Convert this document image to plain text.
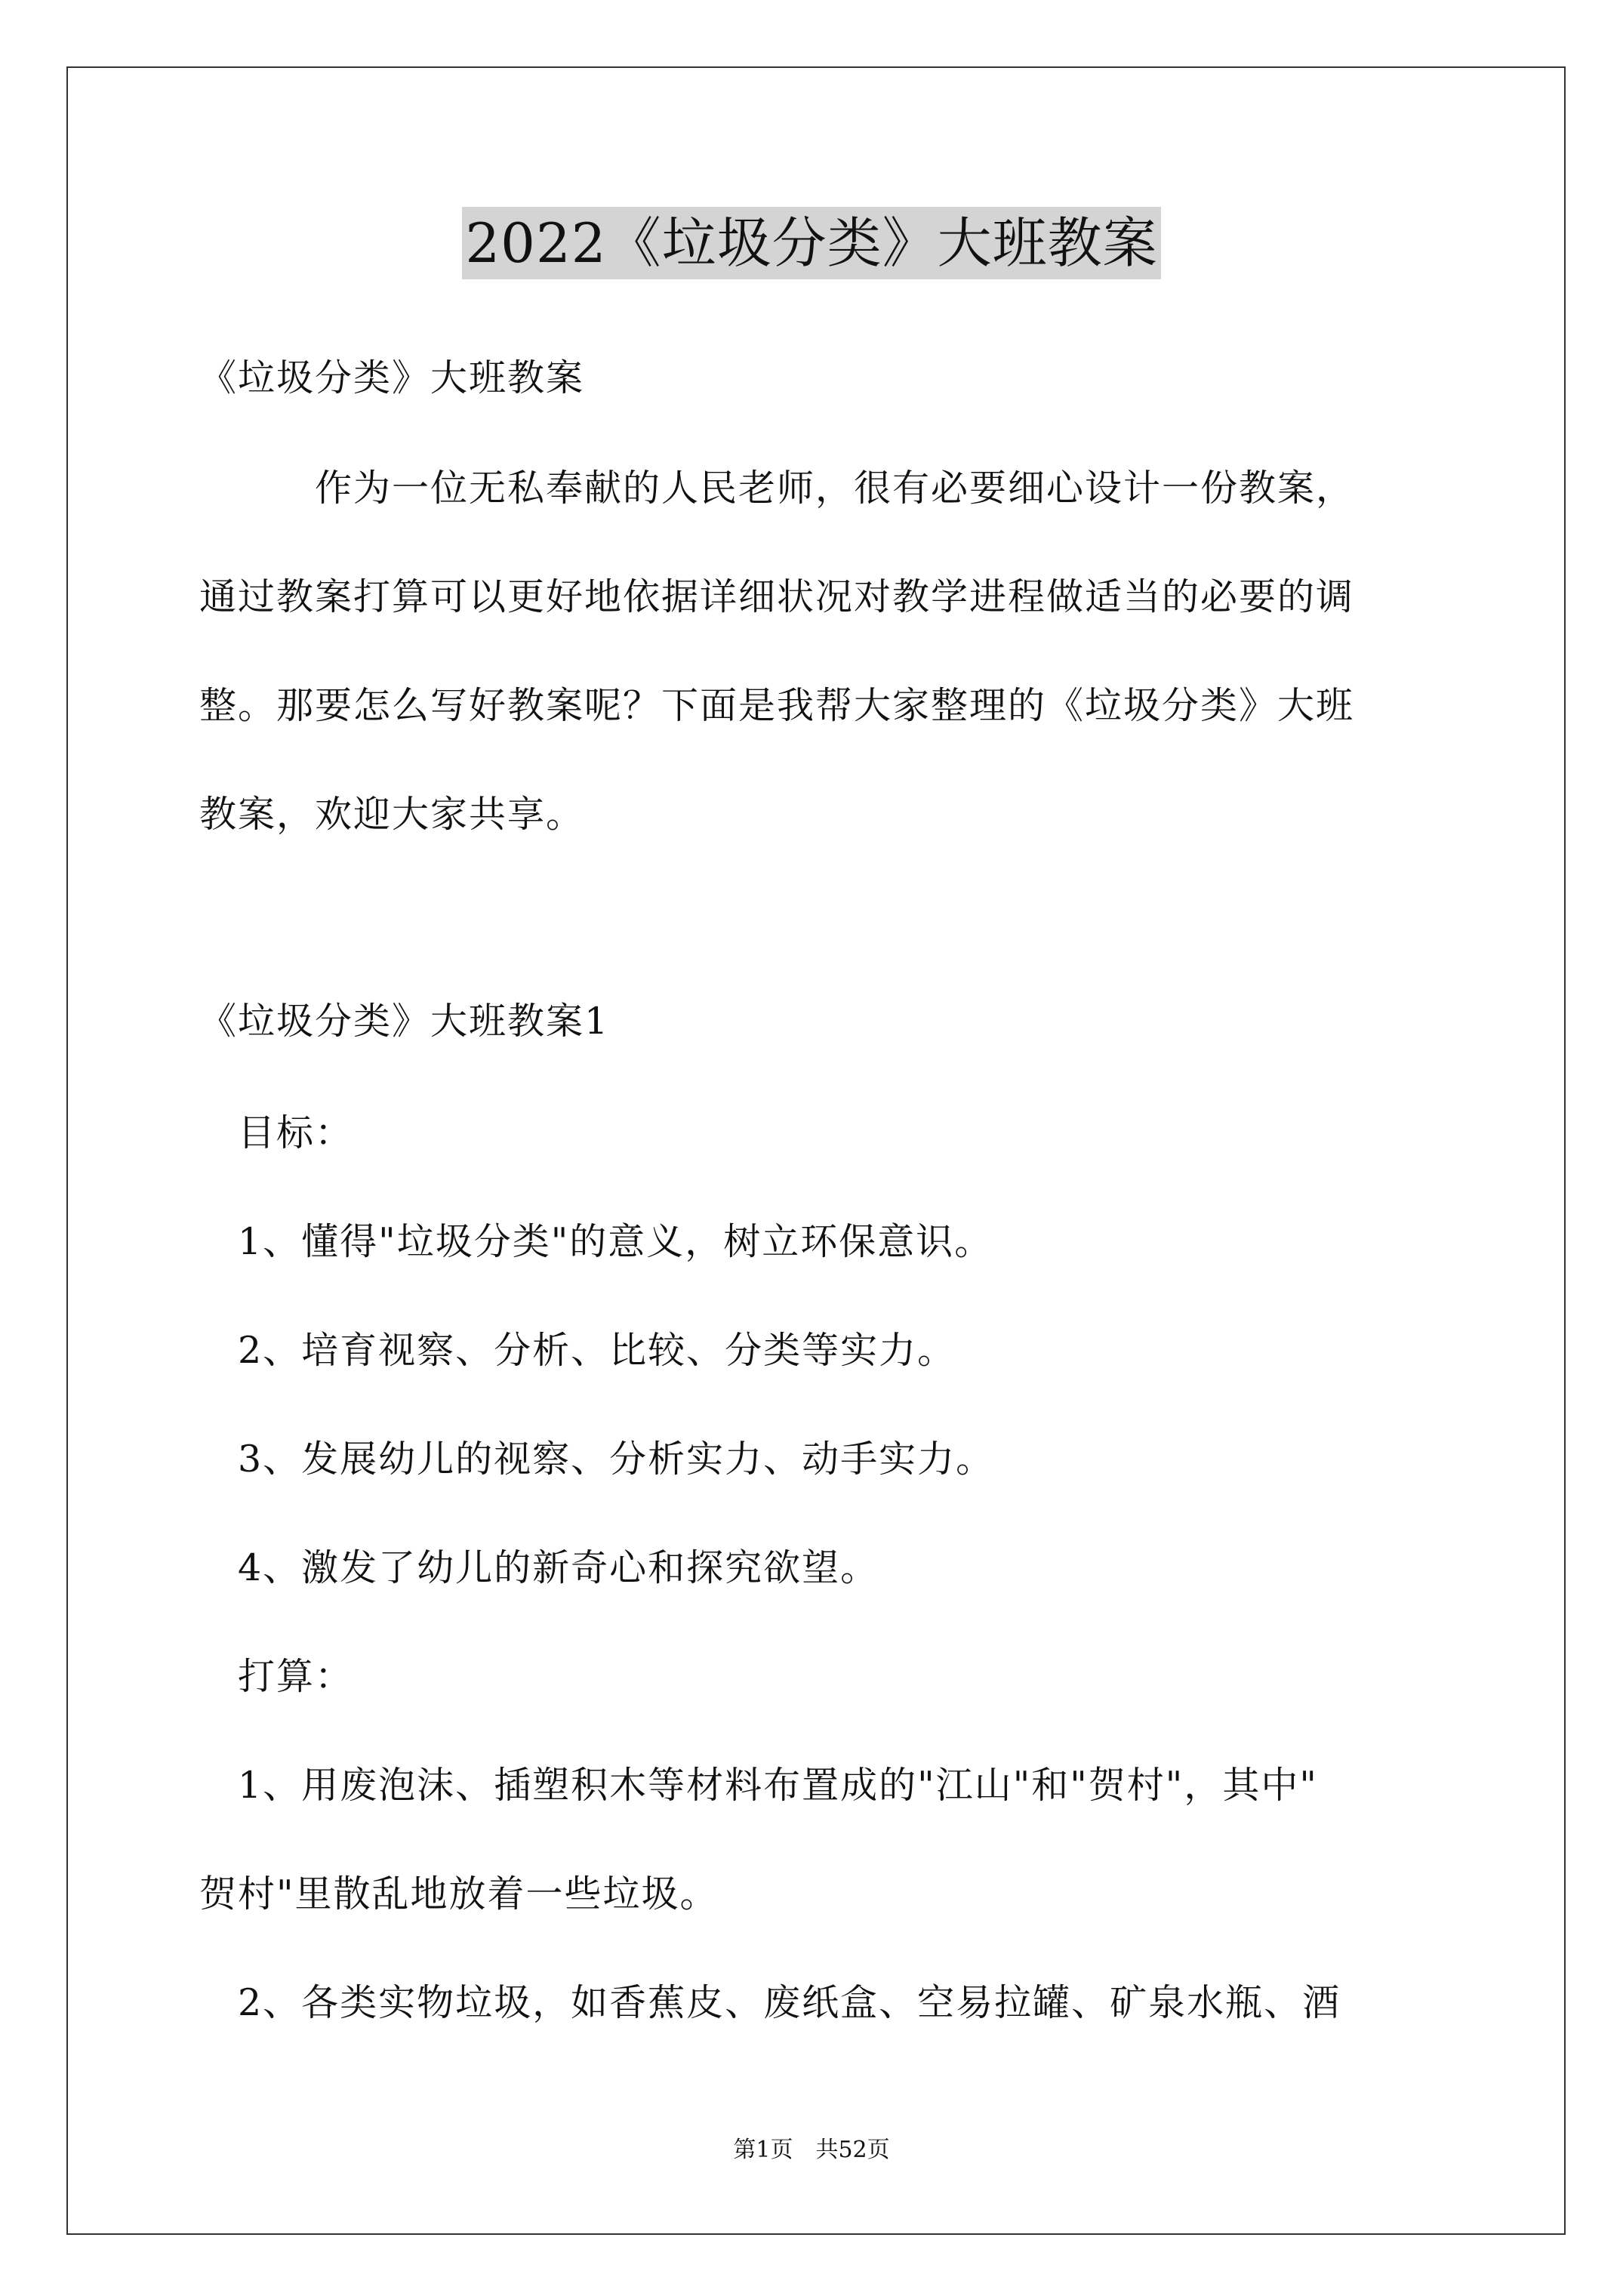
2022《垃圾分类》大班教案
《垃圾分类》大班教案
　　　作为一位无私奉献的人民老师，很有必要细心设计一份教案，
通过教案打算可以更好地依据详细状况对教学进程做适当的必要的调
整。那要怎么写好教案呢？下面是我帮大家整理的《垃圾分类》大班
教案，欢迎大家共享。
《垃圾分类》大班教案1
　目标：
　1、懂得"垃圾分类"的意义，树立环保意识。
　2、培育视察、分析、比较、分类等实力。
　3、发展幼儿的视察、分析实力、动手实力。
　4、激发了幼儿的新奇心和探究欲望。
　打算：
　1、用废泡沫、插塑积木等材料布置成的"江山"和"贺村"，其中"
贺村"里散乱地放着一些垃圾。
　2、各类实物垃圾，如香蕉皮、废纸盒、空易拉罐、矿泉水瓶、酒
第1页　共52页
